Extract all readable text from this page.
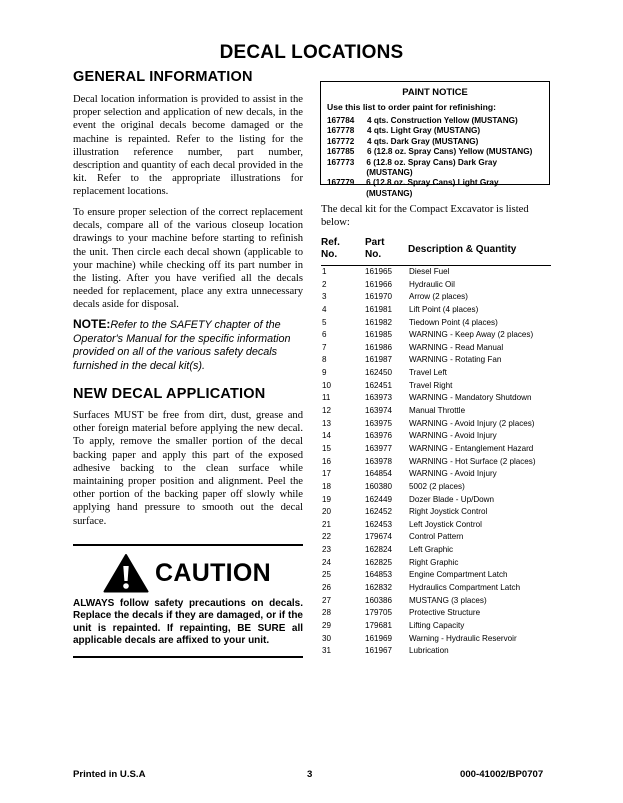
DECAL LOCATIONS
GENERAL INFORMATION
Decal location information is provided to assist in the proper selection and application of new decals, in the event the original decals become damaged or the machine is repainted. Refer to the listing for the illustration reference number, part number, description and quantity of each decal provided in the kit. Refer to the appropriate illustrations for replacement locations.
To ensure proper selection of the correct replacement decals, compare all of the various closeup location drawings to your machine before starting to refinish the unit. Then circle each decal shown (applicable to your machine) while checking off its part number in the listing. After you have verified all the decals needed for replacement, place any extra unnecessary decals aside for disposal.
NOTE:Refer to the SAFETY chapter of the Operator's Manual for the specific information provided on all of the various safety decals furnished in the decal kit(s).
NEW DECAL APPLICATION
Surfaces MUST be free from dirt, dust, grease and other foreign material before applying the new decal. To apply, remove the smaller portion of the decal backing paper and apply this part of the exposed adhesive backing to the clean surface while maintaining proper position and alignment. Peel the other portion of the backing paper off slowly while applying hand pressure to smooth out the decal surface.
CAUTION
ALWAYS follow safety precautions on decals. Replace the decals if they are damaged, or if the unit is repainted. If repainting, BE SURE all applicable decals are affixed to your unit.
PAINT NOTICE
Use this list to order paint for refinishing:
167784	4 qts. Construction Yellow (MUSTANG)
167778	4 qts. Light Gray (MUSTANG)
167772	4 qts. Dark Gray (MUSTANG)
167785	6 (12.8 oz. Spray Cans) Yellow (MUSTANG)
167773	6 (12.8 oz. Spray Cans) Dark Gray (MUSTANG)
167779	6 (12.8 oz. Spray Cans) Light Gray (MUSTANG)
The decal kit for the Compact Excavator is listed below:
Ref.
No.
Part
No.	Description & Quantity
1	161965 Diesel Fuel
2	161966 Hydraulic Oil
3	161970 Arrow (2 places)
4	161981 Lift Point (4 places)
5	161982 Tiedown Point (4 places)
6	161985 WARNING - Keep Away (2 places)
7	161986 WARNING - Read Manual
8	161987 WARNING - Rotating Fan
9	162450 Travel Left
10	162451 Travel Right
11	163973 WARNING - Mandatory Shutdown
12	163974 Manual Throttle
13	163975 WARNING - Avoid Injury (2 places)
14	163976 WARNING - Avoid Injury
15	163977 WARNING - Entanglement Hazard
16	163978 WARNING - Hot Surface (2 places)
17	164854 WARNING - Avoid Injury
18	160380 5002 (2 places)
19	162449 Dozer Blade - Up/Down
20	162452 Right Joystick Control
21	162453 Left Joystick Control
22	179674 Control Pattern
23	162824 Left Graphic
24	162825 Right Graphic
25	164853 Engine Compartment Latch
26	162832 Hydraulics Compartment Latch
27	160386 MUSTANG (3 places)
28	179705 Protective Structure
29	179681 Lifting Capacity
30	161969 Warning - Hydraulic Reservoir
31	161967 Lubrication
Printed in U.S.A	3	000-41002/BP0707
